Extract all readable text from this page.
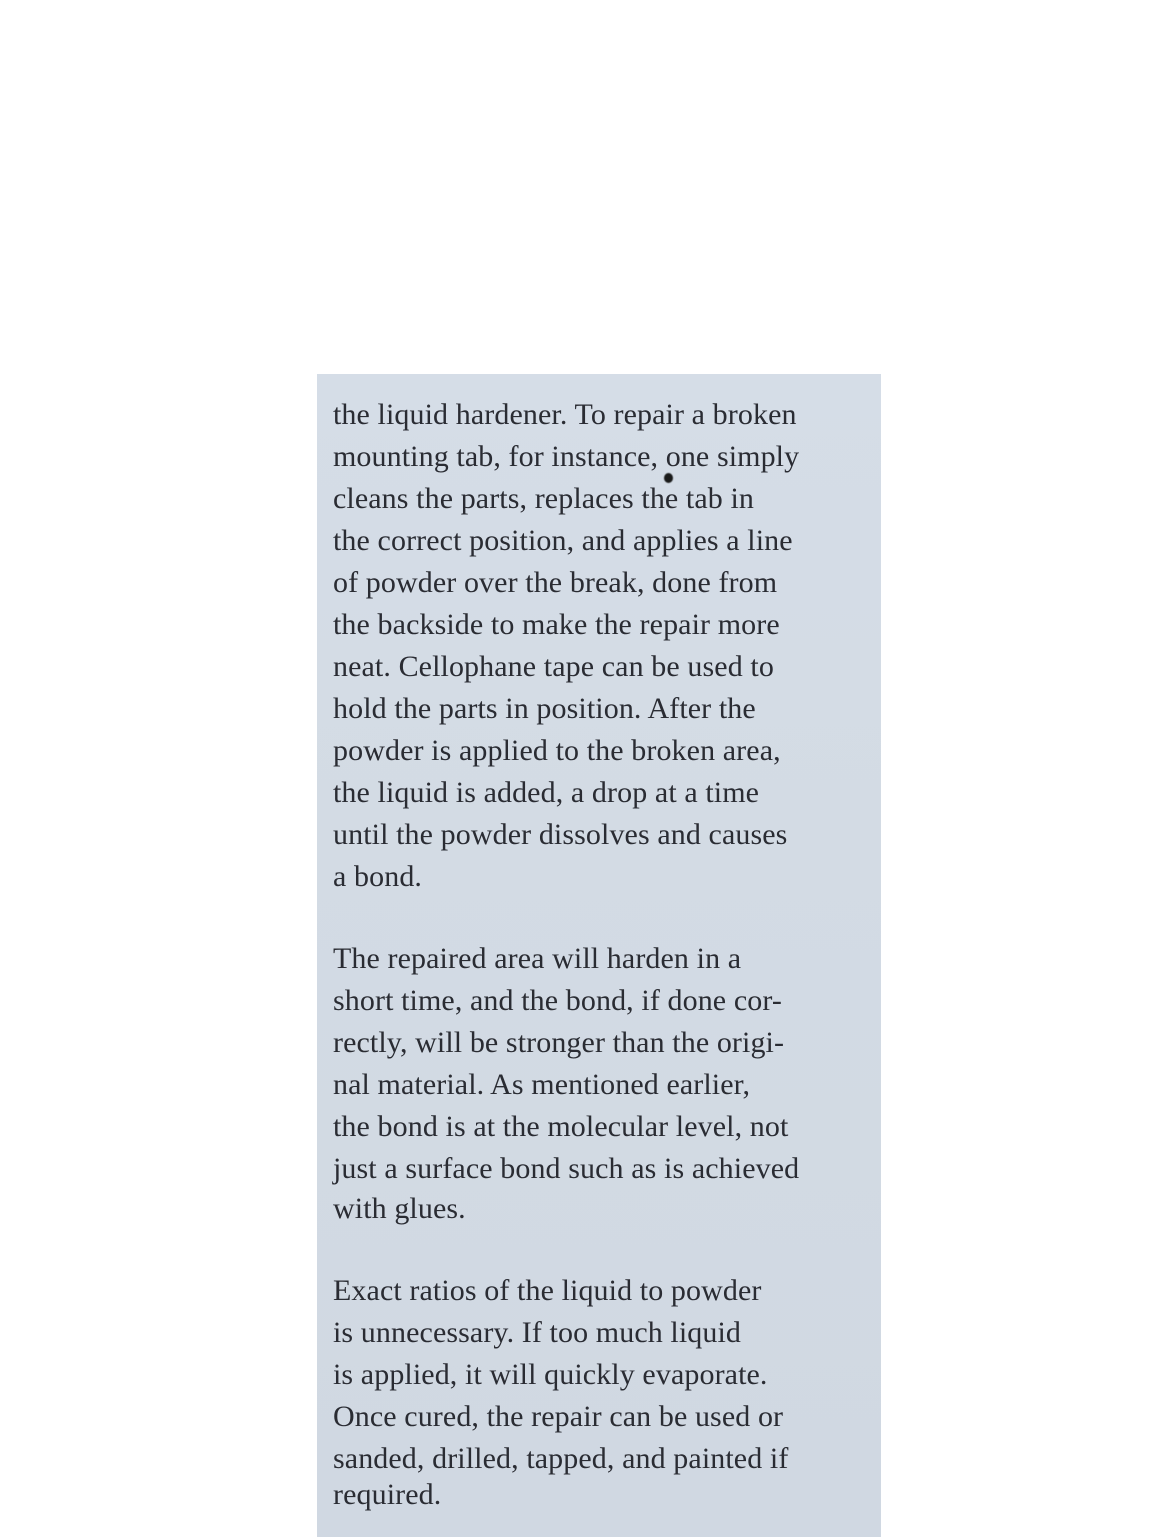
the liquid hardener. To repair a broken
mounting tab, for instance, one simply
cleans the parts, replaces the tab in
the correct position, and applies a line
of powder over the break, done from
the backside to make the repair more
neat. Cellophane tape can be used to
hold the parts in position. After the
powder is applied to the broken area,
the liquid is added, a drop at a time
until the powder dissolves and causes
a bond.
The repaired area will harden in a
short time, and the bond, if done cor-
rectly, will be stronger than the origi-
nal material. As mentioned earlier,
the bond is at the molecular level, not
just a surface bond such as is achieved
with glues.
Exact ratios of the liquid to powder
is unnecessary. If too much liquid
is applied, it will quickly evaporate.
Once cured, the repair can be used or
sanded, drilled, tapped, and painted if
required.
